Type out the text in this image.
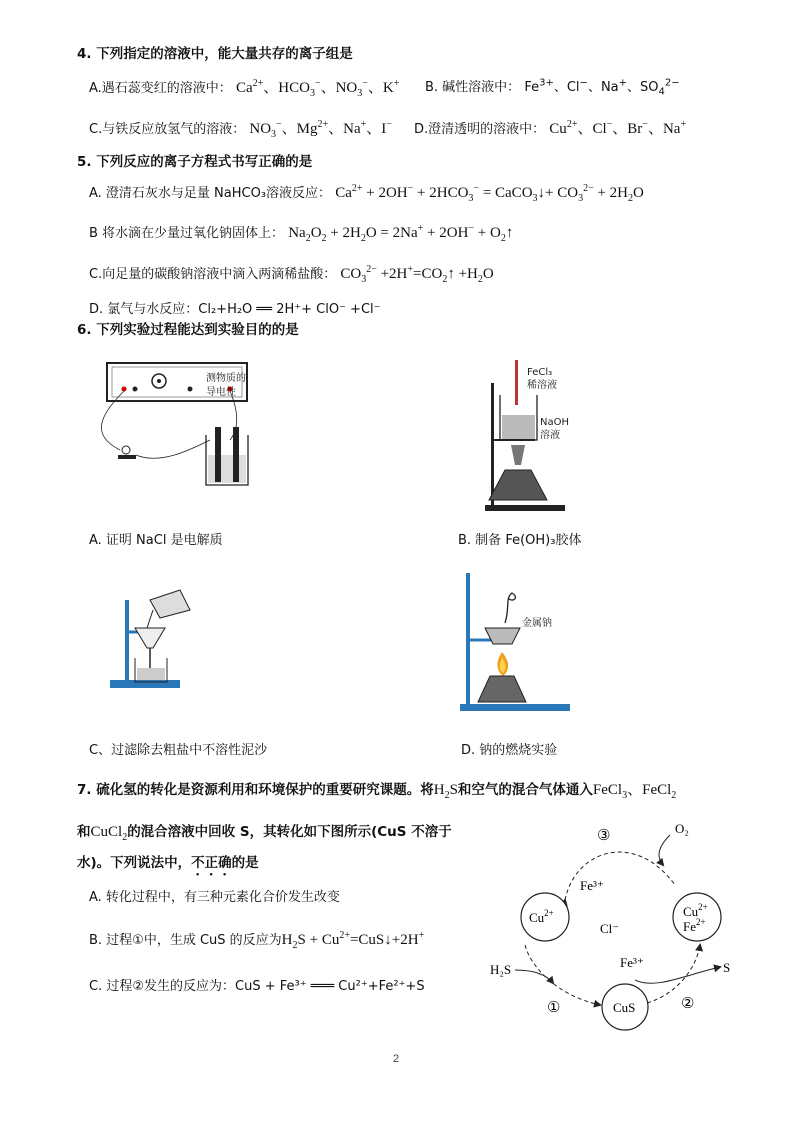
4. 下列指定的溶液中，能大量共存的离子组是
A.遇石蕊变红的溶液中： $Ca^{2+}$、$HCO_3^-$、$NO_3^-$、K+ B. 碱性溶液中： $Fe^{3+}$、Cl−、Na+、$SO_4^{2-}$
C.与铁反应放氢气的溶液： $NO_3^-$、$Mg^{2+}$、Na+、I− D.澄清透明的溶液中： $Cu^{2+}$、Cl−、Br−、Na+
5. 下列反应的离子方程式书写正确的是
A. 澄清石灰水与足量 NaHCO₃溶液反应： $Ca^{2+} + 2OH^- + 2HCO_3^-$ = CaCO$_3$↓+ $CO_3^{2-} + 2H_2O$
B 将水滴在少量过氧化钠固体上： $Na_2O_2 + 2H_2O = 2Na^+ + 2OH^-$ + $O_2↑$
C.向足量的碳酸钠溶液中滴入两滴稀盐酸： $CO_3^{2-}$ $+2H^+=CO_2↑ +H_2O$
D. 氯气与水反应：Cl₂+H₂O ══ 2H⁺+ ClO⁻ +Cl⁻
6. 下列实验过程能达到实验目的的是
测物质的
导电性
FeCl₃
稀溶液
NaOH
溶液
A. 证明 NaCl 是电解质	B. 制备 Fe(OH)₃胶体
金属钠
C、过滤除去粗盐中不溶性泥沙	D. 钠的燃烧实验
7. 硫化氢的转化是资源利用和环境保护的重要研究课题。将$H_2S$和空气的混合气体通入FeCl$_3$、FeCl$_2$
和CuCl$_2$的混合溶液中回收 S，其转化如下图所示(CuS 不溶于
水)。下列说法中，不正确的是
A. 转化过程中，有三种元素化合价发生改变
B. 过程①中，生成 CuS 的反应为$H_2S$ + $Cu^{2+}=CuS↓+2H^+$
C. 过程②发生的反应为：CuS + Fe³⁺ ═══ Cu²⁺+Fe²⁺+S
$Cu^{2+}$	$Cu^{2+}$
$Fe^{2+}$
CuS
③	O₂
Fe³⁺
Cl⁻
Fe³⁺
H₂S	S
①	②
2
